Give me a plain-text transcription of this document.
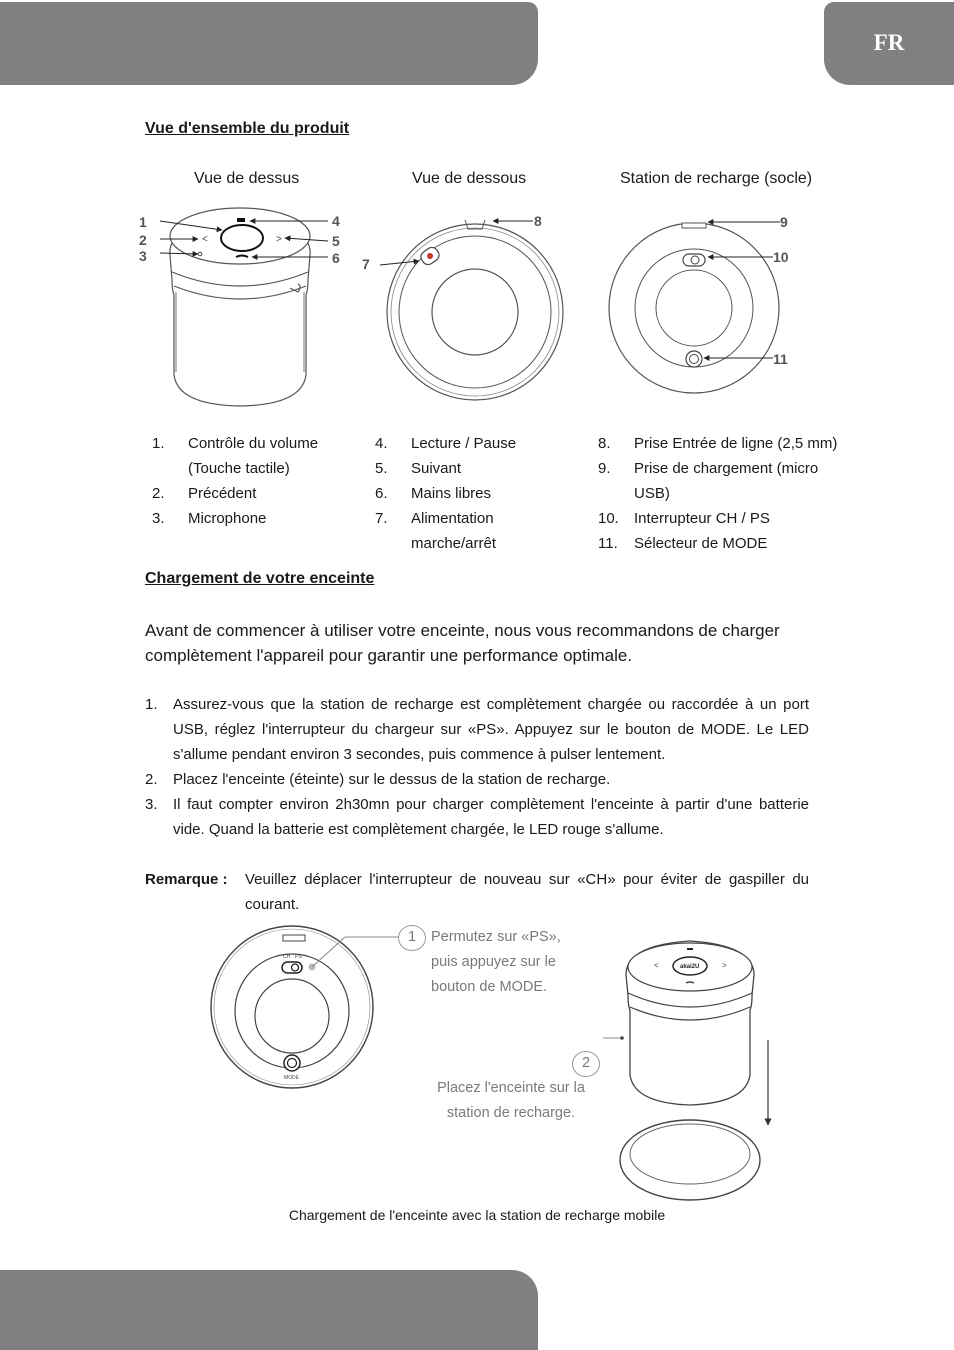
FR
Vue d'ensemble du produit
Vue de dessus	Vue de dessous	Station de recharge (socle)
<	>
1
2
3
4
5
6
8
7
9
10
11
1.	Contrôle du volume (Touche tactile)
2.	Précédent
3.	Microphone
4.	Lecture / Pause
5.	Suivant
6.	Mains libres
7.	Alimentation marche/arrêt
8.	Prise Entrée de ligne (2,5 mm)
9.	Prise de chargement (micro USB)
10.	Interrupteur CH / PS
11.	Sélecteur de MODE
Chargement de votre enceinte
Avant de commencer à utiliser votre enceinte, nous vous recommandons de charger complètement l'appareil pour garantir une performance optimale.
1.	Assurez-vous que la station de recharge est complètement chargée ou raccordée à un port USB, réglez l'interrupteur du chargeur sur «PS». Appuyez sur le bouton de MODE. Le LED s'allume pendant environ 3 secondes, puis commence à pulser lentement.
2.	Placez l'enceinte (éteinte) sur le dessus de la station de recharge.
3.	Il faut compter environ 2h30mn pour charger complètement l'enceinte à partir d'une batterie vide. Quand la batterie est complètement chargée, le LED rouge s'allume.
Remarque :	Veuillez déplacer l'interrupteur de nouveau sur «CH» pour éviter de gaspiller du courant.
CH PS
MODE
1	Permutez sur «PS»,
puis appuyez sur le
bouton de MODE.
2
Placez l'enceinte sur la
station de recharge.
akai2U
<	>
Chargement de l'enceinte avec la station de recharge mobile
